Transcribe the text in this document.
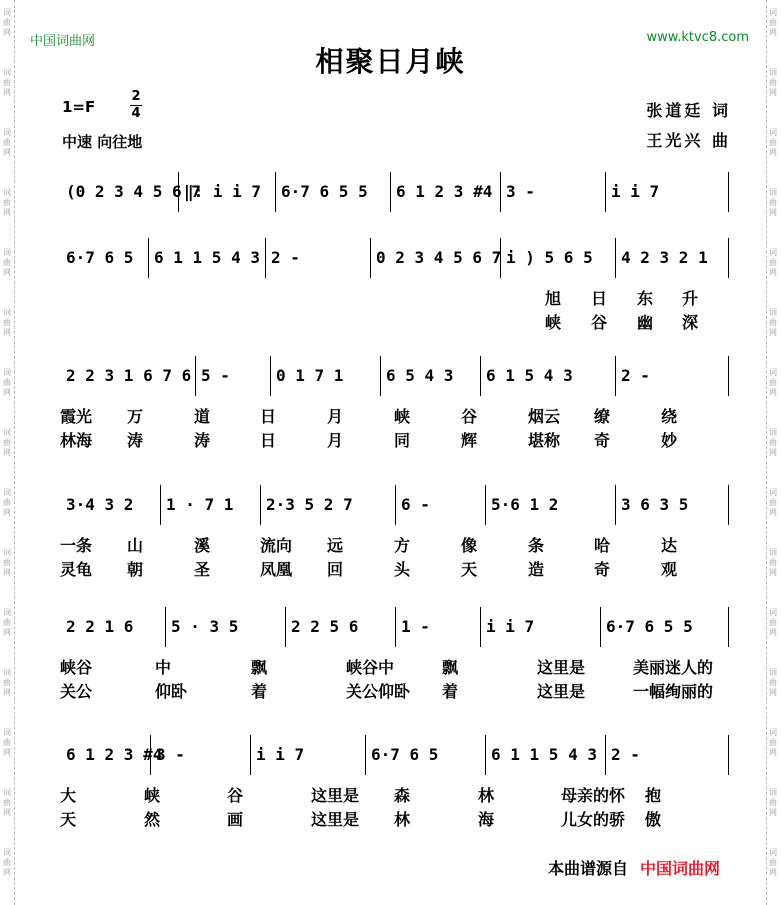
词
曲
网
词
曲
网
词
曲
网
词
曲
网
词
曲
网
词
曲
网
词
曲
网
词
曲
网
词
曲
网
词
曲
网
词
曲
网
词
曲
网
词
曲
网
词
曲
网
词
曲
网
词
曲
网
词
曲
网
词
曲
网
词
曲
网
词
曲
网
词
曲
网
词
曲
网
词
曲
网
词
曲
网
词
曲
网
词
曲
网
词
曲
网
词
曲
网
词
曲
网
词
曲
网
中国词曲网	www.ktvc8.com
相聚日月峡
1=F
2
4
中速 向往地
张道廷 词
王光兴 曲
(0 2 3 4 5 6 7
‖: i i 7 6·7 6 5 5 6 1 2 3 #4 3 -	i i 7
6·7 6 5 6 1 1 5 4 3 2 -	0 2 3 4 5 6 7 i ) 5 6 5 4 2 3 2 1
旭 日 东 升
峡 谷 幽 深
2 2 3 1 6 7 6 5 -	0 1 7 1	6 5 4 3 6 1 5 4 3	2 -
霞光 万	道	日	月	峡	谷	烟云 缭	绕
林海 涛	涛	日	月	同	辉	堪称 奇	妙
3·4 3 2 1 · 7 1 2·3 5 2 7	6 -	5·6 1 2	3 6 3 5
一条 山	溪	流向 远	方	像	条	哈	达
灵龟 朝	圣	凤凰 回	头	天	造	奇	观
2 2 1 6 5 · 3 5	2 2 5 6	1 -	i i 7	6·7 6 5 5
峡谷	中	飘	峡谷中	飘	这里是	美丽迷人的
关公	仰卧	着	关公仰卧 着	这里是	一幅绚丽的
6 1 2 3 #4
3 -	i i 7	6·7 6 5	6 1 1 5 4 3 2 -
大	峡	谷	这里是 森	林	母亲的怀 抱
天	然	画	这里是 林	海	儿女的骄 傲
本曲谱源自 中国词曲网
